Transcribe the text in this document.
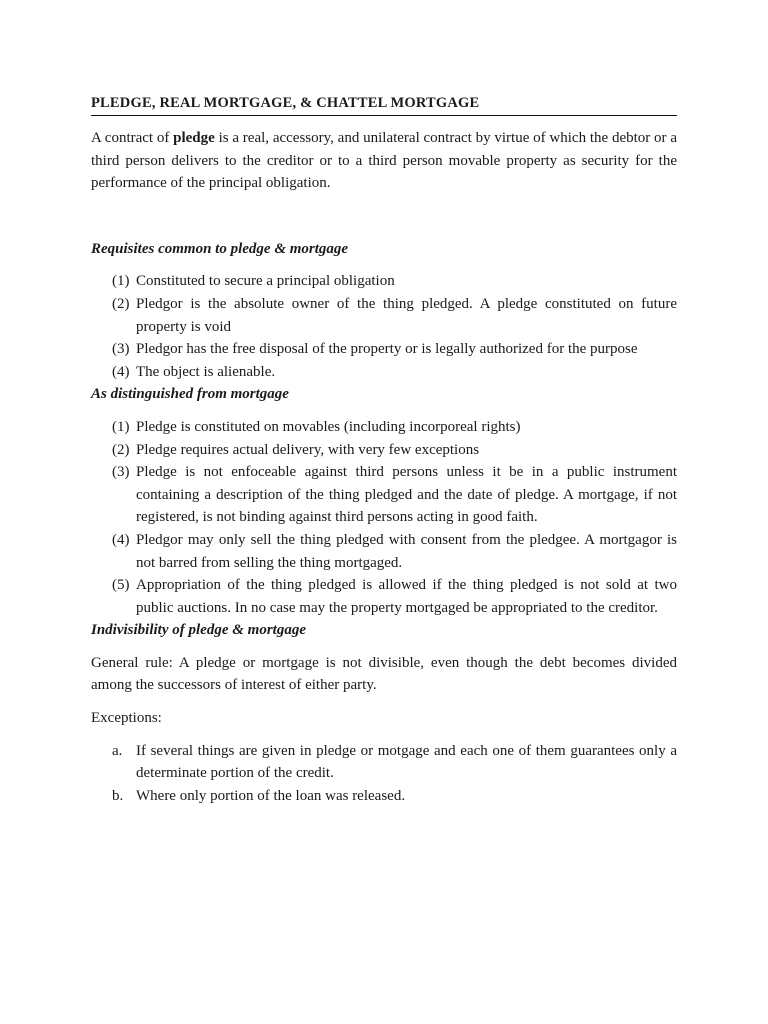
PLEDGE, REAL MORTGAGE, & CHATTEL MORTGAGE

A contract of pledge is a real, accessory, and unilateral contract by virtue of which the debtor or a third person delivers to the creditor or to a third person movable property as security for the performance of the principal obligation.

Requisites common to pledge & mortgage
(1) Constituted to secure a principal obligation
(2) Pledgor is the absolute owner of the thing pledged. A pledge constituted on future property is void
(3) Pledgor has the free disposal of the property or is legally authorized for the purpose
(4) The object is alienable.
As distinguished from mortgage
(1) Pledge is constituted on movables (including incorporeal rights)
(2) Pledge requires actual delivery, with very few exceptions
(3) Pledge is not enfoceable against third persons unless it be in a public instrument containing a description of the thing pledged and the date of pledge. A mortgage, if not registered, is not binding against third persons acting in good faith.
(4) Pledgor may only sell the thing pledged with consent from the pledgee. A mortgagor is not barred from selling the thing mortgaged.
(5) Appropriation of the thing pledged is allowed if the thing pledged is not sold at two public auctions. In no case may the property mortgaged be appropriated to the creditor.
Indivisibility of pledge & mortgage

General rule: A pledge or mortgage is not divisible, even though the debt becomes divided among the successors of interest of either party.

Exceptions:

a. If several things are given in pledge or motgage and each one of them guarantees only a determinate portion of the credit.
b. Where only portion of the loan was released.
